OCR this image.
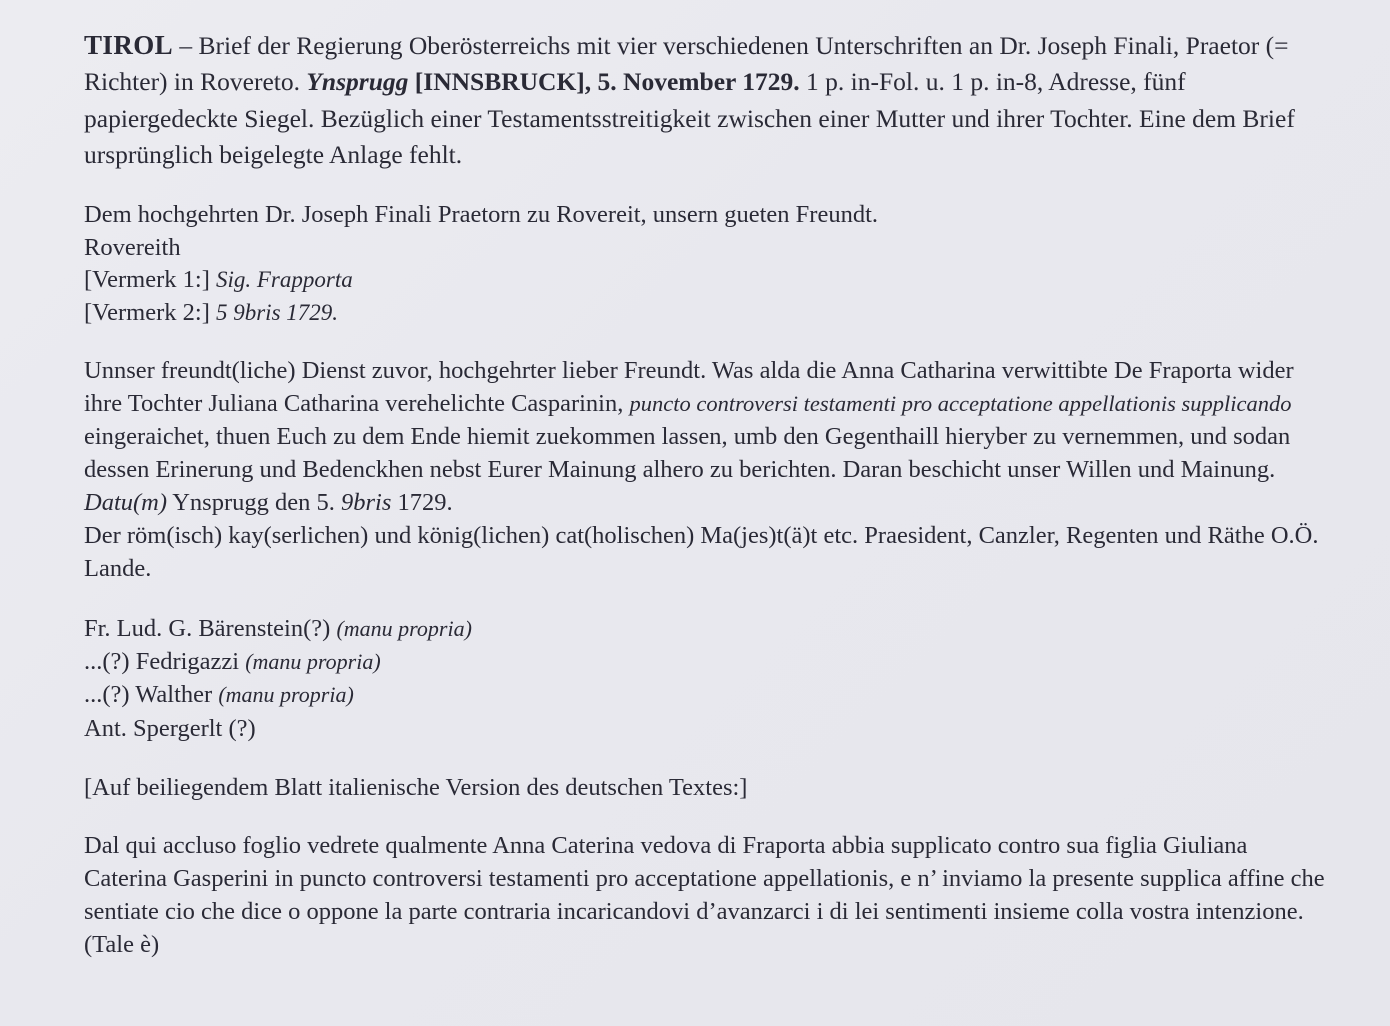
TIROL – Brief der Regierung Oberösterreichs mit vier verschiedenen Unterschriften an Dr. Joseph Finali, Praetor (= Richter) in Rovereto. Ynsprugg [INNSBRUCK], 5. November 1729. 1 p. in-Fol. u. 1 p. in-8, Adresse, fünf papiergedeckte Siegel. Bezüglich einer Testamentsstreitigkeit zwischen einer Mutter und ihrer Tochter. Eine dem Brief ursprünglich beigelegte Anlage fehlt.
Dem hochgehrten Dr. Joseph Finali Praetorn zu Rovereit, unsern gueten Freundt.
Rovereith
[Vermerk 1:] Sig. Frapporta
[Vermerk 2:] 5 9bris 1729.
Unnser freundt(liche) Dienst zuvor, hochgehrter lieber Freundt. Was alda die Anna Catharina verwittibte De Fraporta wider ihre Tochter Juliana Catharina verehelichte Casparinin, puncto controversi testamenti pro acceptatione appellationis supplicando eingeraichet, thuen Euch zu dem Ende hiemit zuekommen lassen, umb den Gegenthaill hieryber zu vernemmen, und sodan dessen Erinerung und Bedenckhen nebst Eurer Mainung alhero zu berichten. Daran beschicht unser Willen und Mainung. Datu(m) Ynsprugg den 5. 9bris 1729.
Der röm(isch) kay(serlichen) und könig(lichen) cat(holischen) Ma(jes)t(ä)t etc. Praesident, Canzler, Regenten und Räthe O.Ö. Lande.
Fr. Lud. G. Bärenstein(?) (manu propria)
...(?) Fedrigazzi (manu propria)
...(?) Walther (manu propria)
Ant. Spergerlt (?)
[Auf beiliegendem Blatt italienische Version des deutschen Textes:]
Dal qui accluso foglio vedrete qualmente Anna Caterina vedova di Fraporta abbia supplicato contro sua figlia Giuliana Caterina Gasperini in puncto controversi testamenti pro acceptatione appellationis, e n’ inviamo la presente supplica affine che sentiate cio che dice o oppone la parte contraria incaricandovi d’avanzarci i di lei sentimenti insieme colla vostra intenzione. (Tale è)
